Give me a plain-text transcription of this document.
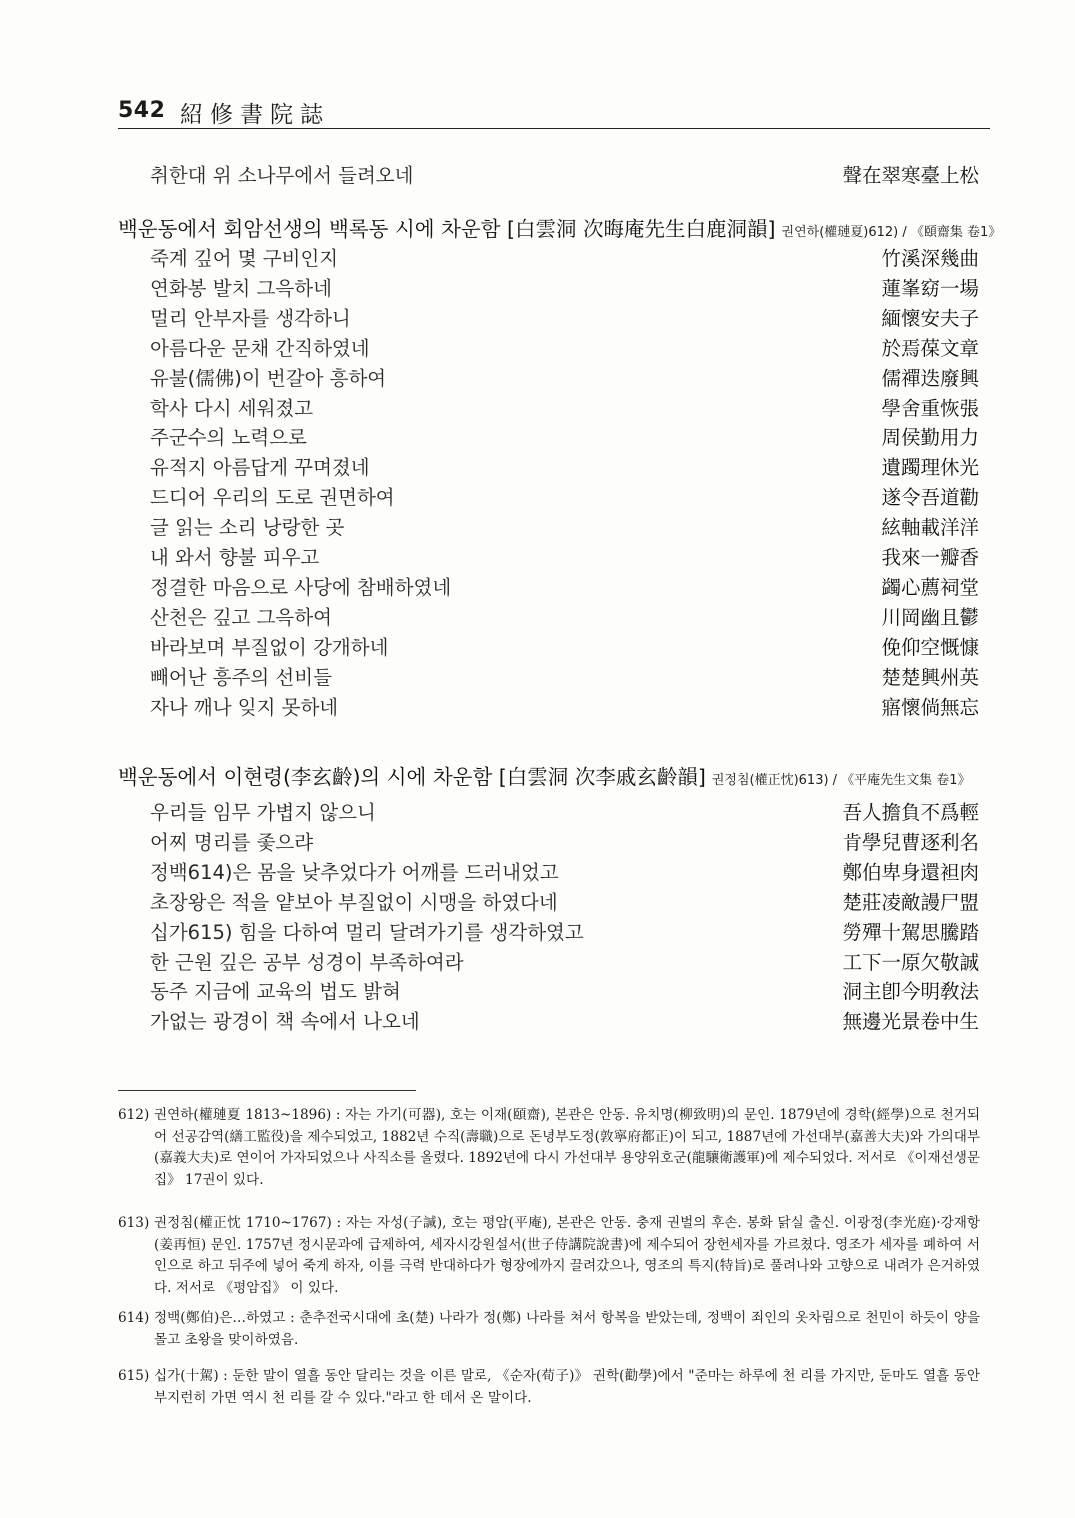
542 紹修書院誌
취한대 위 소나무에서 들려오네	聲在翠寒臺上松
백운동에서 회암선생의 백록동 시에 차운함 [白雲洞 次晦庵先生白鹿洞韻] 권연하(權璉夏)612) / 《頤齋集 卷1》
죽계 깊어 몇 구비인지	竹溪深幾曲
연화봉 발치 그윽하네	蓮峯窈一場
멀리 안부자를 생각하니	緬懷安夫子
아름다운 문채 간직하였네	於焉葆文章
유불(儒佛)이 번갈아 흥하여	儒禪迭廢興
학사 다시 세워졌고	學舍重恢張
주군수의 노력으로	周侯勤用力
유적지 아름답게 꾸며졌네	遺躅理休光
드디어 우리의 도로 권면하여	遂令吾道勸
글 읽는 소리 낭랑한 곳	絃軸載洋洋
내 와서 향불 피우고	我來一瓣香
정결한 마음으로 사당에 참배하였네	蠲心薦祠堂
산천은 깊고 그윽하여	川岡幽且鬱
바라보며 부질없이 강개하네	俛仰空慨慷
빼어난 흥주의 선비들	楚楚興州英
자나 깨나 잊지 못하네	寤懷倘無忘
백운동에서 이현령(李玄齡)의 시에 차운함 [白雲洞 次李戚玄齡韻] 권정침(權正忱)613) / 《平庵先生文集 卷1》
우리들 임무 가볍지 않으니	吾人擔負不爲輕
어찌 명리를 좇으랴	肯學兒曹逐利名
정백614)은 몸을 낮추었다가 어깨를 드러내었고	鄭伯卑身還袒肉
초장왕은 적을 얕보아 부질없이 시맹을 하였다네	楚莊凌敵謾尸盟
십가615) 힘을 다하여 멀리 달려가기를 생각하였고	勞殫十駕思騰踏
한 근원 깊은 공부 성경이 부족하여라	工下一原欠敬誠
동주 지금에 교육의 법도 밝혀	洞主卽今明敎法
가없는 광경이 책 속에서 나오네	無邊光景卷中生
612) 권연하(權璉夏 1813~1896) : 자는 가기(可器), 호는 이재(頤齋), 본관은 안동. 유치명(柳致明)의 문인. 1879년에 경학(經學)으로 천거되어 선공감역(繕工監役)을 제수되었고, 1882년 수직(壽職)으로 돈녕부도정(敦寧府都正)이 되고, 1887년에 가선대부(嘉善大夫)와 가의대부(嘉義大夫)로 연이어 가자되었으나 사직소를 올렸다. 1892년에 다시 가선대부 용양위호군(龍驤衛護軍)에 제수되었다. 저서로 《이재선생문집》 17권이 있다.
613) 권정침(權正忱 1710~1767) : 자는 자성(子諴), 호는 평암(平庵), 본관은 안동. 충재 권벌의 후손. 봉화 닭실 출신. 이광정(李光庭)·강재항(姜再恒) 문인. 1757년 정시문과에 급제하여, 세자시강원설서(世子侍講院說書)에 제수되어 장헌세자를 가르쳤다. 영조가 세자를 폐하여 서인으로 하고 뒤주에 넣어 죽게 하자, 이를 극력 반대하다가 형장에까지 끌려갔으나, 영조의 특지(特旨)로 풀려나와 고향으로 내려가 은거하였다. 저서로 《평암집》 이 있다.
614) 정백(鄭伯)은…하였고 : 춘추전국시대에 초(楚) 나라가 정(鄭) 나라를 쳐서 항복을 받았는데, 정백이 죄인의 옷차림으로 천민이 하듯이 양을 몰고 초왕을 맞이하였음.
615) 십가(十駕) : 둔한 말이 열흘 동안 달리는 것을 이른 말로, 《순자(荀子)》 권학(勸學)에서 "준마는 하루에 천 리를 가지만, 둔마도 열흘 동안 부지런히 가면 역시 천 리를 갈 수 있다."라고 한 데서 온 말이다.
